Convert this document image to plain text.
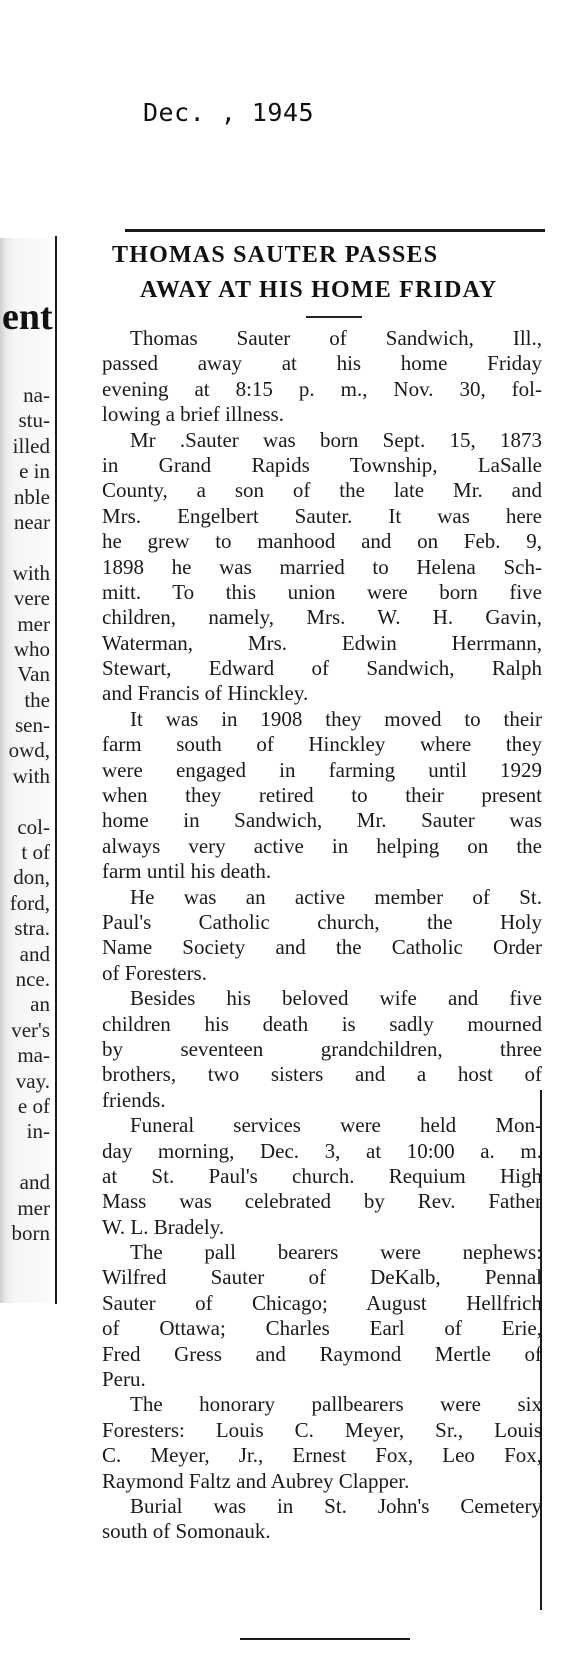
Dec. , 1945
ent
na-
stu-
illed
e in
nble
near
with
vere
mer
who
Van
the
sen-
owd,
with
col-
t of
don,
ford,
stra.
and
nce.
an
ver's
ma-
vay.
e of
in-
and
mer
born
THOMAS SAUTER PASSES
AWAY AT HIS HOME FRIDAY
Thomas Sauter of Sandwich, Ill.,
passed away at his home Friday
evening at 8:15 p. m., Nov. 30, fol-
lowing a brief illness.
Mr .Sauter was born Sept. 15, 1873
in Grand Rapids Township, LaSalle
County, a son of the late Mr. and
Mrs. Engelbert Sauter. It was here
he grew to manhood and on Feb. 9,
1898 he was married to Helena Sch-
mitt. To this union were born five
children, namely, Mrs. W. H. Gavin,
Waterman, Mrs. Edwin Herrmann,
Stewart, Edward of Sandwich, Ralph
and Francis of Hinckley.
It was in 1908 they moved to their
farm south of Hinckley where they
were engaged in farming until 1929
when they retired to their present
home in Sandwich, Mr. Sauter was
always very active in helping on the
farm until his death.
He was an active member of St.
Paul's Catholic church, the Holy
Name Society and the Catholic Order
of Foresters.
Besides his beloved wife and five
children his death is sadly mourned
by seventeen grandchildren, three
brothers, two sisters and a host of
friends.
Funeral services were held Mon-
day morning, Dec. 3, at 10:00 a. m.
at St. Paul's church. Requium High
Mass was celebrated by Rev. Father
W. L. Bradely.
The pall bearers were nephews:
Wilfred Sauter of DeKalb, Pennal
Sauter of Chicago; August Hellfrich
of Ottawa; Charles Earl of Erie,
Fred Gress and Raymond Mertle of
Peru.
The honorary pallbearers were six
Foresters: Louis C. Meyer, Sr., Louis
C. Meyer, Jr., Ernest Fox, Leo Fox,
Raymond Faltz and Aubrey Clapper.
Burial was in St. John's Cemetery
south of Somonauk.
